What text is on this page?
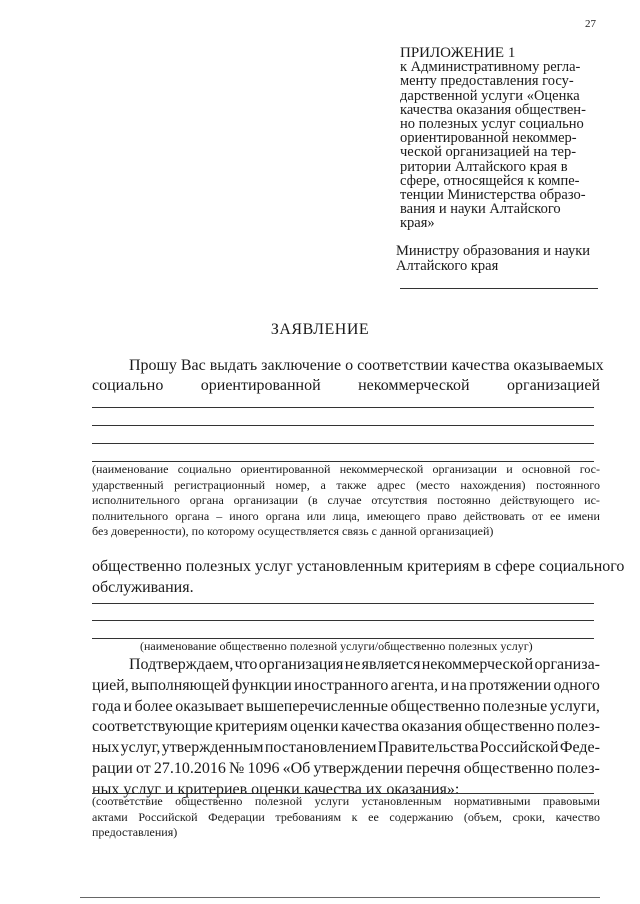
27
ПРИЛОЖЕНИЕ 1
к Административному регла-
менту предоставления госу-
дарственной услуги «Оценка
качества оказания обществен-
но полезных услуг социально
ориентированной некоммер-
ческой организацией на тер-
ритории Алтайского края в
сфере, относящейся к компе-
тенции Министерства образо-
вания и науки Алтайского
края»
Министру образования и науки
Алтайского края
ЗАЯВЛЕНИЕ
Прошу Вас выдать заключение о соответствии качества оказываемых
социально ориентированной некоммерческой организацией
(наименование социально ориентированной некоммерческой организации и основной гос-
ударственный регистрационный номер, а также адрес (место нахождения) постоянного
исполнительного органа организации (в случае отсутствия постоянно действующего ис-
полнительного органа – иного органа или лица, имеющего право действовать от ее имени
без доверенности), по которому осуществляется связь с данной организацией)
общественно полезных услуг установленным критериям в сфере социального
обслуживания.
(наименование общественно полезной услуги/общественно полезных услуг)
Подтверждаем, что организация не является некоммерческой организа-
цией, выполняющей функции иностранного агента, и на протяжении одного
года и более оказывает вышеперечисленные общественно полезные услуги,
соответствующие критериям оценки качества оказания общественно полез-
ных услуг, утвержденным постановлением Правительства Российской Феде-
рации от 27.10.2016 № 1096 «Об утверждении перечня общественно полез-
ных услуг и критериев оценки качества их оказания»:
(соответствие общественно полезной услуги установленным нормативными правовыми
актами Российской Федерации требованиям к ее содержанию (объем, сроки, качество
предоставления)
